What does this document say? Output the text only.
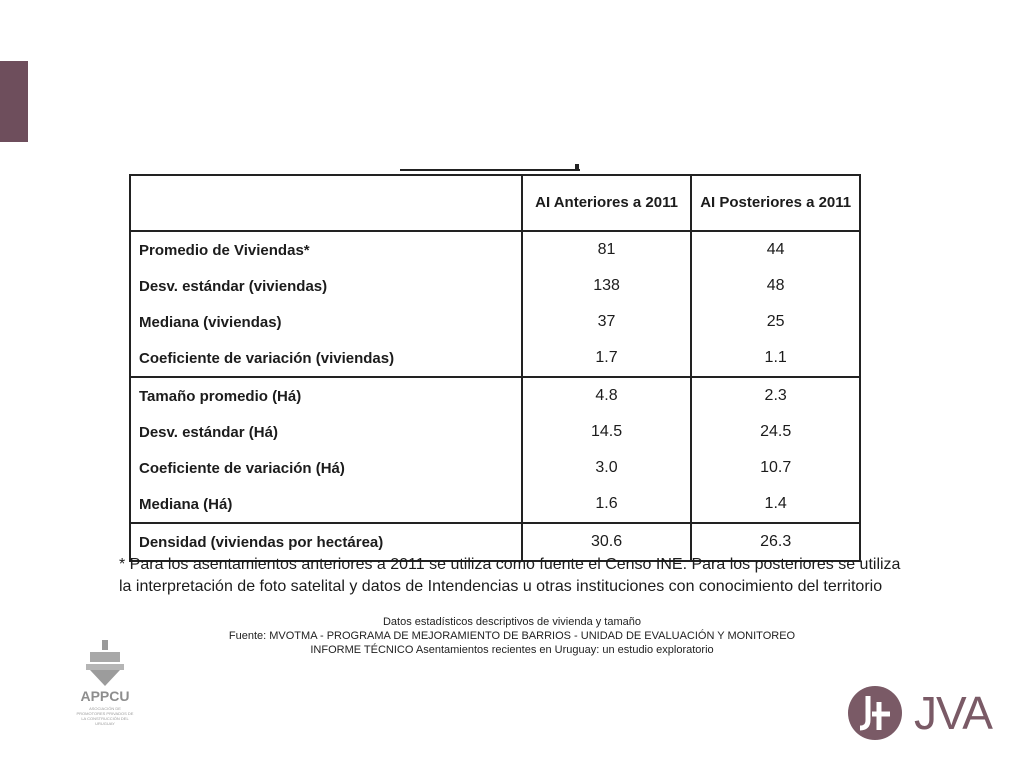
	AI Anteriores a 2011	AI Posteriores a 2011
Promedio de Viviendas*	81	44
Desv. estándar (viviendas)	138	48
Mediana (viviendas)	37	25
Coeficiente de variación (viviendas)	1.7	1.1
Tamaño promedio (Há)	4.8	2.3
Desv. estándar (Há)	14.5	24.5
Coeficiente de variación (Há)	3.0	10.7
Mediana (Há)	1.6	1.4
Densidad (viviendas por hectárea)	30.6	26.3
* Para los asentamientos anteriores a 2011 se utiliza como fuente el Censo INE. Para los posteriores se utiliza
la interpretación de foto satelital y datos de Intendencias u otras instituciones con conocimiento del territorio
Datos estadísticos descriptivos de vivienda y tamaño
Fuente: MVOTMA - PROGRAMA DE MEJORAMIENTO DE BARRIOS - UNIDAD DE EVALUACIÓN Y MONITOREO
INFORME TÉCNICO Asentamientos recientes en Uruguay: un estudio exploratorio
APPCU
ASOCIACIÓN DE PROMOTORES PRIVADOS DE LA CONSTRUCCIÓN DEL URUGUAY	JVA
